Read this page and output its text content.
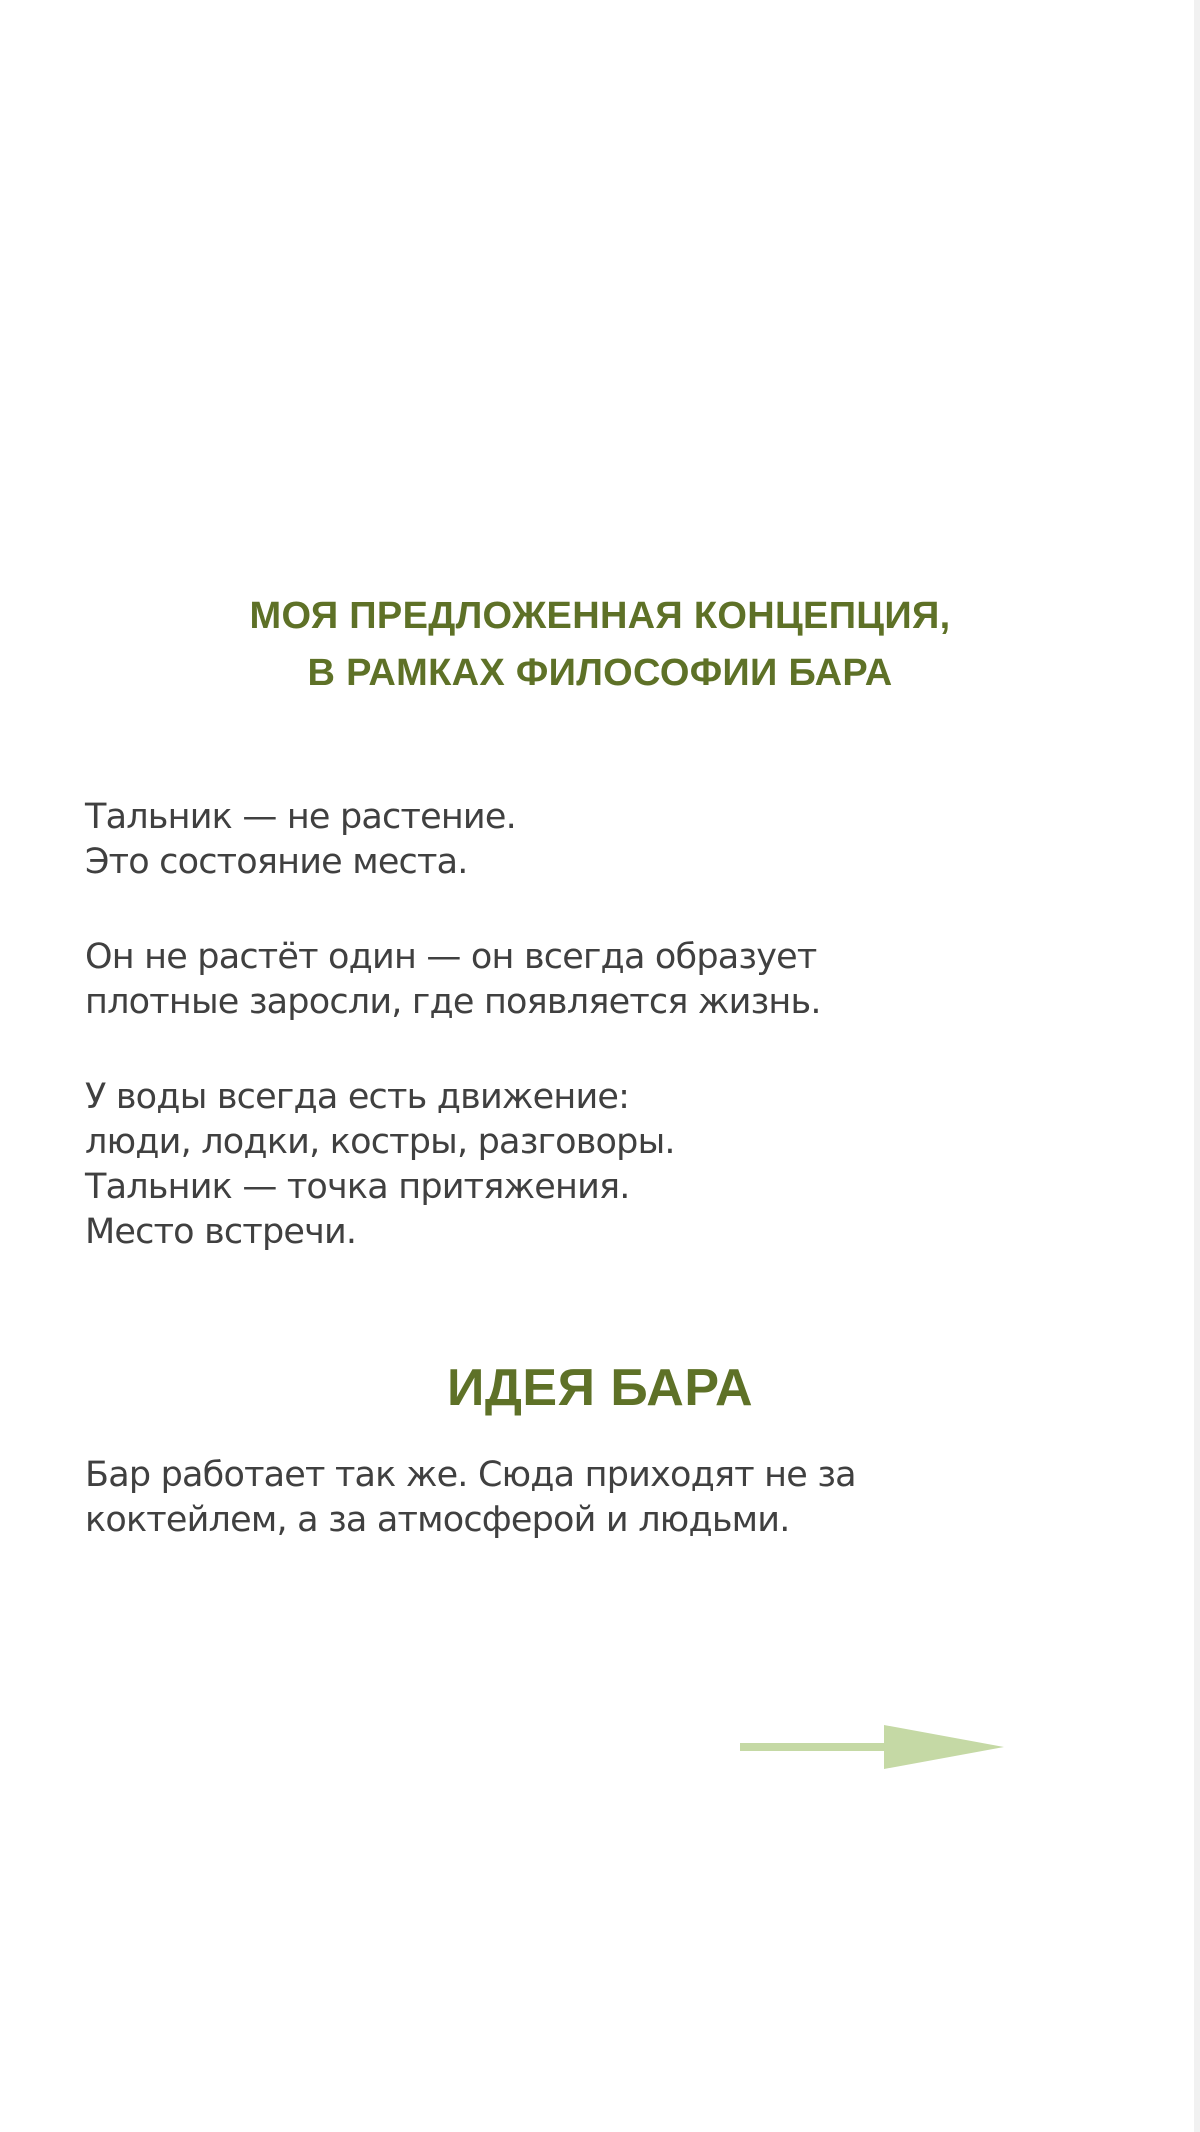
МОЯ ПРЕДЛОЖЕННАЯ КОНЦЕПЦИЯ,
В РАМКАХ ФИЛОСОФИИ БАРА

Тальник — не растение.
Это состояние места.

Он не растёт один — он всегда образует
плотные заросли, где появляется жизнь.

У воды всегда есть движение:
люди, лодки, костры, разговоры.
Тальник — точка притяжения.
Место встречи.

ИДЕЯ БАРА

Бар работает так же. Сюда приходят не за
коктейлем, а за атмосферой и людьми.
